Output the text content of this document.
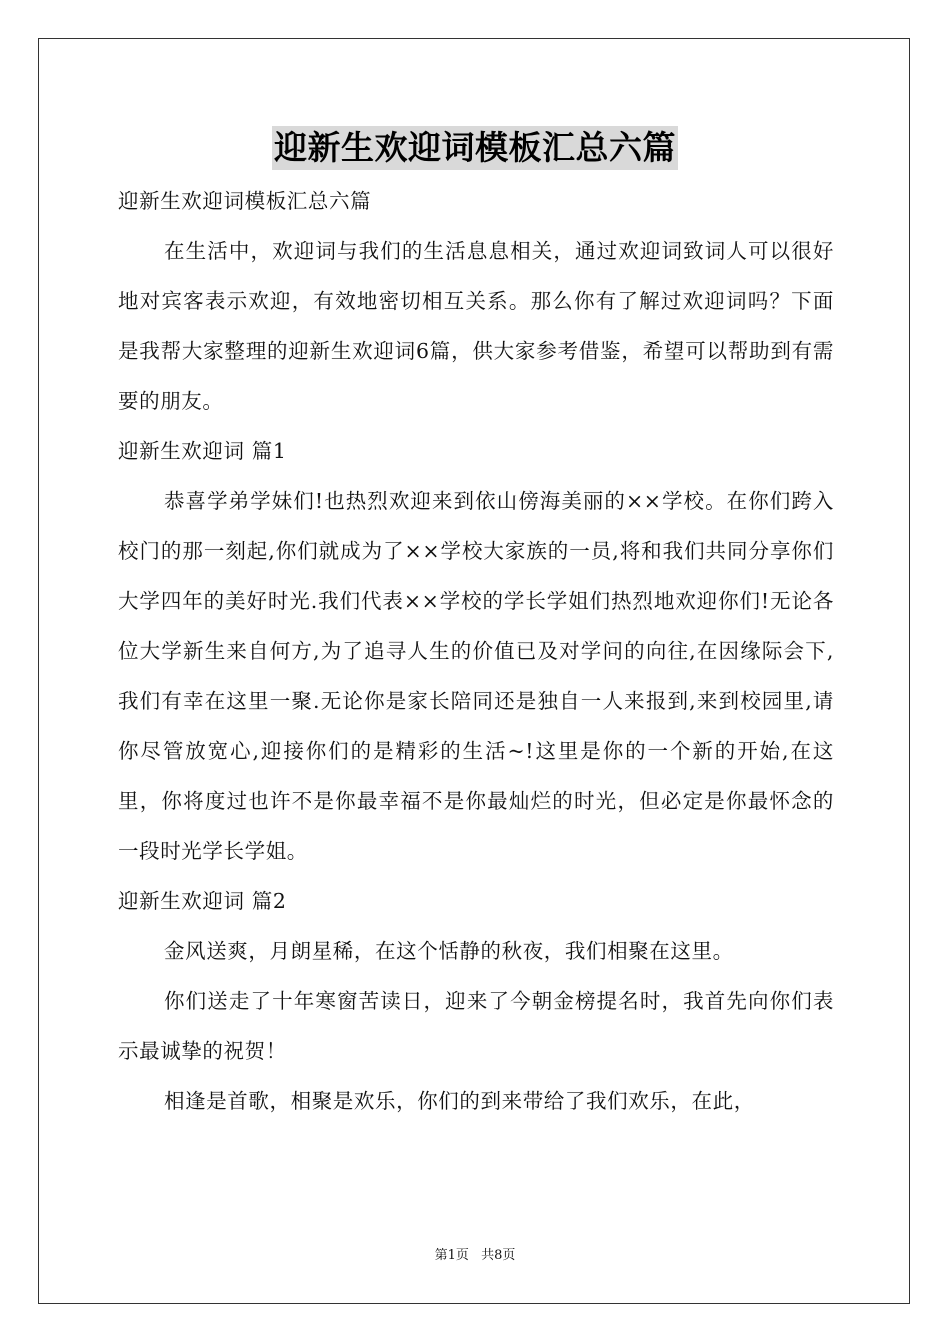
迎新生欢迎词模板汇总六篇

迎新生欢迎词模板汇总六篇

在生活中，欢迎词与我们的生活息息相关，通过欢迎词致词人可以很好地对宾客表示欢迎，有效地密切相互关系。那么你有了解过欢迎词吗？下面是我帮大家整理的迎新生欢迎词6篇，供大家参考借鉴，希望可以帮助到有需要的朋友。

迎新生欢迎词 篇1

恭喜学弟学妹们!也热烈欢迎来到依山傍海美丽的××学校。在你们跨入校门的那一刻起,你们就成为了××学校大家族的一员,将和我们共同分享你们大学四年的美好时光.我们代表××学校的学长学姐们热烈地欢迎你们!无论各位大学新生来自何方,为了追寻人生的价值已及对学问的向往,在因缘际会下,我们有幸在这里一聚.无论你是家长陪同还是独自一人来报到,来到校园里,请你尽管放宽心,迎接你们的是精彩的生活~!这里是你的一个新的开始,在这里，你将度过也许不是你最幸福不是你最灿烂的时光，但必定是你最怀念的一段时光学长学姐。

迎新生欢迎词 篇2

金风送爽，月朗星稀，在这个恬静的秋夜，我们相聚在这里。

你们送走了十年寒窗苦读日，迎来了今朝金榜提名时，我首先向你们表示最诚挚的祝贺！

相逢是首歌，相聚是欢乐，你们的到来带给了我们欢乐，在此，

第1页 共8页
